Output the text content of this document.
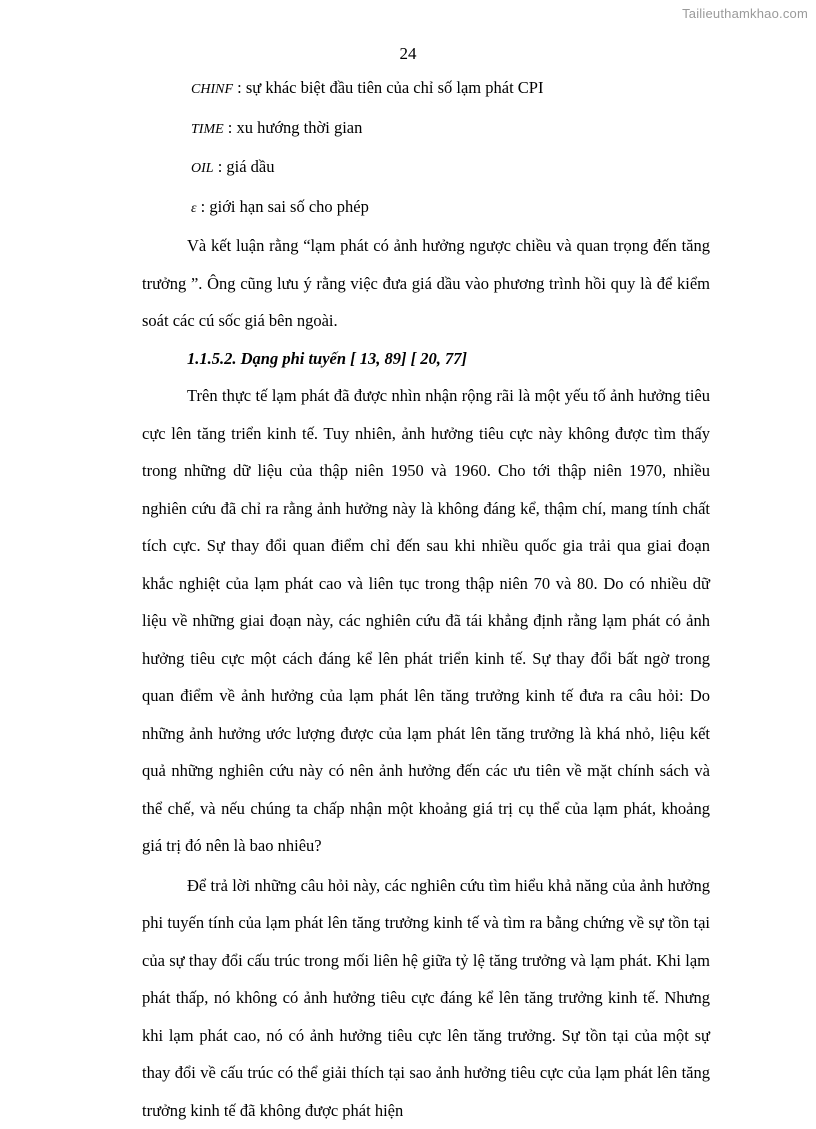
Tailieuthamkhao.com
24
CHINF : sự khác biệt đầu tiên của chỉ số lạm phát CPI
TIME : xu hướng thời gian
OIL : giá dầu
ε : giới hạn sai số cho phép

Và kết luận rằng “lạm phát có ảnh hưởng ngược chiều và quan trọng đến tăng trưởng ”. Ông cũng lưu ý rằng việc đưa giá dầu vào phương trình hồi quy là để kiểm soát các cú sốc giá bên ngoài.

1.1.5.2. Dạng phi tuyến [ 13, 89] [ 20, 77]

Trên thực tế lạm phát đã được nhìn nhận rộng rãi là một yếu tố ảnh hưởng tiêu cực lên tăng triển kinh tế. Tuy nhiên, ảnh hưởng tiêu cực này không được tìm thấy trong những dữ liệu của thập niên 1950 và 1960. Cho tới thập niên 1970, nhiều nghiên cứu đã chỉ ra rằng ảnh hưởng này là không đáng kể, thậm chí, mang tính chất tích cực. Sự thay đổi quan điểm chỉ đến sau khi nhiều quốc gia trải qua giai đoạn khắc nghiệt của lạm phát cao và liên tục trong thập niên 70 và 80. Do có nhiều dữ liệu về những giai đoạn này, các nghiên cứu đã tái khẳng định rằng lạm phát có ảnh hưởng tiêu cực một cách đáng kể lên phát triển kinh tế. Sự thay đổi bất ngờ trong quan điểm về ảnh hưởng của lạm phát lên tăng trưởng kinh tế đưa ra câu hỏi: Do những ảnh hưởng ước lượng được của lạm phát lên tăng trưởng là khá nhỏ, liệu kết quả những nghiên cứu này có nên ảnh hưởng đến các ưu tiên về mặt chính sách và thể chế, và nếu chúng ta chấp nhận một khoảng giá trị cụ thể của lạm phát, khoảng giá trị đó nên là bao nhiêu?

Để trả lời những câu hỏi này, các nghiên cứu tìm hiểu khả năng của ảnh hưởng phi tuyến tính của lạm phát lên tăng trưởng kinh tế và tìm ra bằng chứng về sự tồn tại của sự thay đổi cấu trúc trong mối liên hệ giữa tỷ lệ tăng trưởng và lạm phát. Khi lạm phát thấp, nó không có ảnh hưởng tiêu cực đáng kể lên tăng trưởng kinh tế. Nhưng khi lạm phát cao, nó có ảnh hưởng tiêu cực lên tăng trưởng. Sự tồn tại của một sự thay đổi về cấu trúc có thể giải thích tại sao ảnh hưởng tiêu cực của lạm phát lên tăng trưởng kinh tế đã không được phát hiện
